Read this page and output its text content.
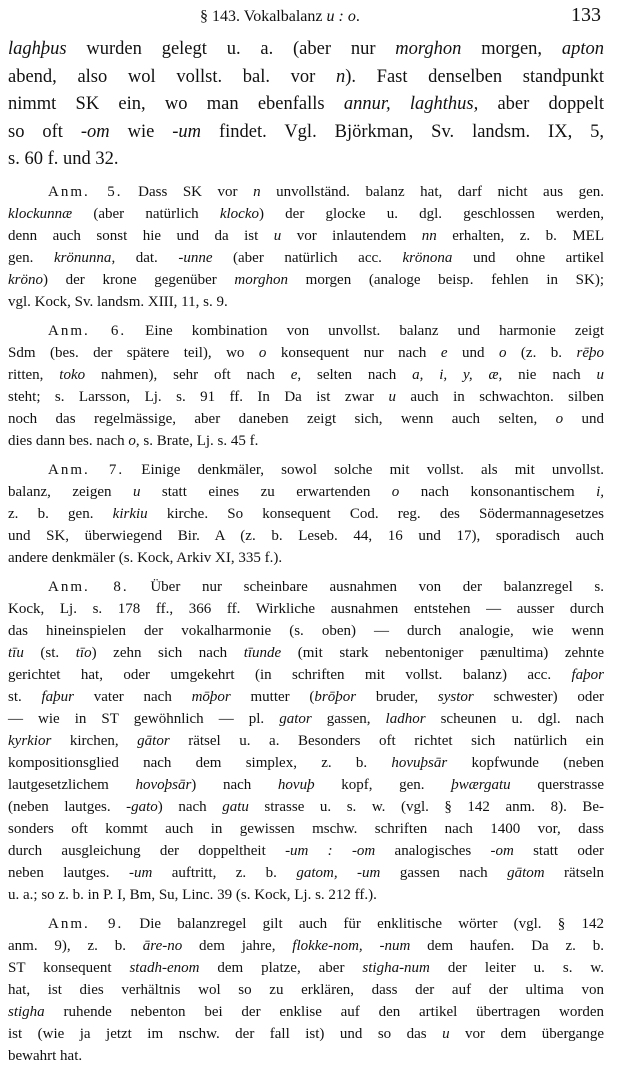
§ 143. Vokalbalanz u : o.	133
laghþus wurden gelegt u. a. (aber nur morghon morgen, apton
abend, also wol vollst. bal. vor n). Fast denselben standpunkt
nimmt SK ein, wo man ebenfalls annur, laghthus, aber doppelt
so oft -om wie -um findet. Vgl. Björkman, Sv. landsm. IX, 5,
s. 60 f. und 32.
Anm. 5. Dass SK vor n unvollständ. balanz hat, darf nicht aus gen.
klockunnæ (aber natürlich klocko) der glocke u. dgl. geschlossen werden,
denn auch sonst hie und da ist u vor inlautendem nn erhalten, z. b. MEL
gen. krönunna, dat. -unne (aber natürlich acc. krönona und ohne artikel
kröno) der krone gegenüber morghon morgen (analoge beisp. fehlen in SK);
vgl. Kock, Sv. landsm. XIII, 11, s. 9.
Anm. 6. Eine kombination von unvollst. balanz und harmonie zeigt
Sdm (bes. der spätere teil), wo o konsequent nur nach e und o (z. b. rēþo
ritten, toko nahmen), sehr oft nach e, selten nach a, i, y, æ, nie nach u
steht; s. Larsson, Lj. s. 91 ff. In Da ist zwar u auch in schwachton. silben
noch das regelmässige, aber daneben zeigt sich, wenn auch selten, o und
dies dann bes. nach o, s. Brate, Lj. s. 45 f.
Anm. 7. Einige denkmäler, sowol solche mit vollst. als mit unvollst.
balanz, zeigen u statt eines zu erwartenden o nach konsonantischem i,
z. b. gen. kirkiu kirche. So konsequent Cod. reg. des Södermannagesetzes
und SK, überwiegend Bir. A (z. b. Leseb. 44, 16 und 17), sporadisch auch
andere denkmäler (s. Kock, Arkiv XI, 335 f.).
Anm. 8. Über nur scheinbare ausnahmen von der balanzregel s.
Kock, Lj. s. 178 ff., 366 ff. Wirkliche ausnahmen entstehen — ausser durch
das hineinspielen der vokalharmonie (s. oben) — durch analogie, wie wenn
tīu (st. tīo) zehn sich nach tīunde (mit stark nebentoniger pænultima) zehnte
gerichtet hat, oder umgekehrt (in schriften mit vollst. balanz) acc. faþor
st. faþur vater nach mōþor mutter (brōþor bruder, systor schwester) oder
— wie in ST gewöhnlich — pl. gator gassen, ladhor scheunen u. dgl. nach
kyrkior kirchen, gātor rätsel u. a. Besonders oft richtet sich natürlich ein
kompositionsglied nach dem simplex, z. b. hovuþsār kopfwunde (neben
lautgesetzlichem hovoþsār) nach hovuþ kopf, gen. þwærgatu querstrasse
(neben lautges. -gato) nach gatu strasse u. s. w. (vgl. § 142 anm. 8). Be-
sonders oft kommt auch in gewissen mschw. schriften nach 1400 vor, dass
durch ausgleichung der doppeltheit -um : -om analogisches -om statt oder
neben lautges. -um auftritt, z. b. gatom, -um gassen nach gātom rätseln
u. a.; so z. b. in P. I, Bm, Su, Linc. 39 (s. Kock, Lj. s. 212 ff.).
Anm. 9. Die balanzregel gilt auch für enklitische wörter (vgl. § 142
anm. 9), z. b. āre-no dem jahre, flokke-nom, -num dem haufen. Da z. b.
ST konsequent stadh-enom dem platze, aber stigha-num der leiter u. s. w.
hat, ist dies verhältnis wol so zu erklären, dass der auf der ultima von
stigha ruhende nebenton bei der enklise auf den artikel übertragen worden
ist (wie ja jetzt im nschw. der fall ist) und so das u vor dem übergange
bewahrt hat.
